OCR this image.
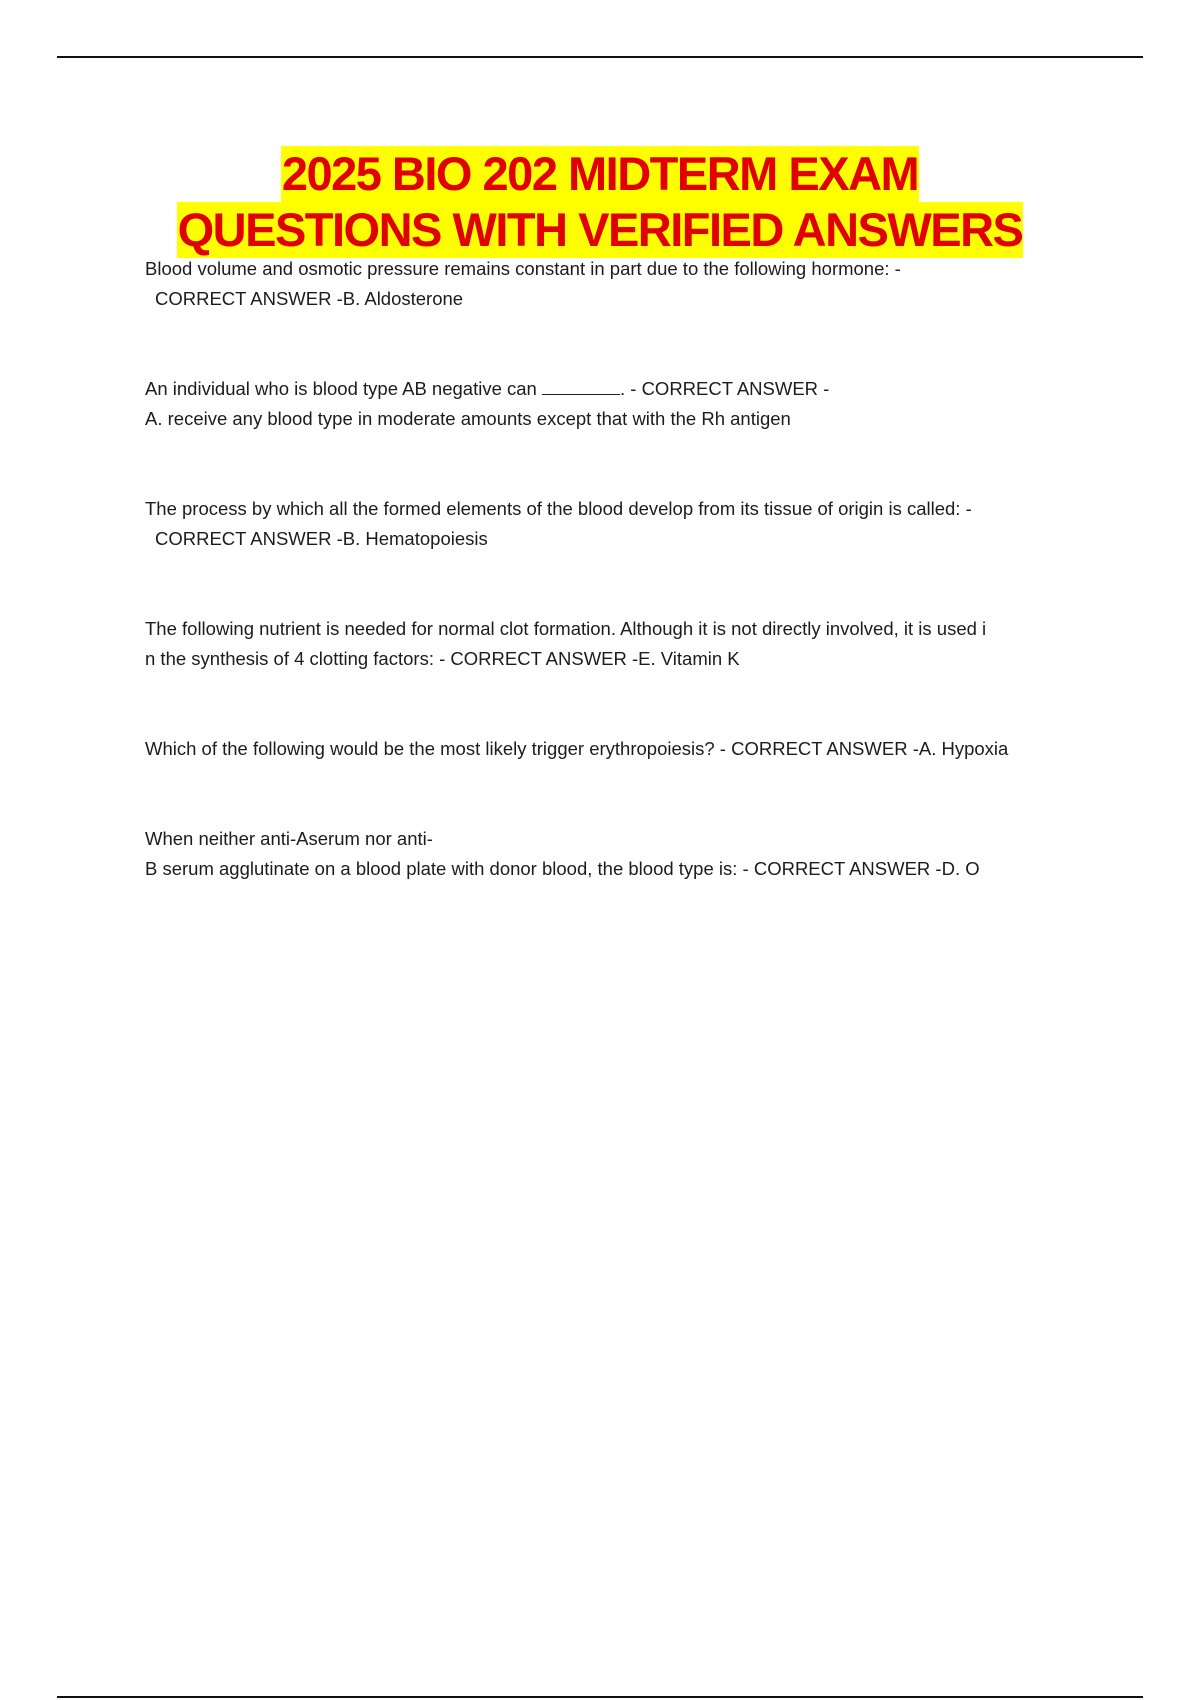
2025 BIO 202 MIDTERM EXAM
QUESTIONS WITH VERIFIED ANSWERS
Blood volume and osmotic pressure remains constant in part due to the following hormone: -
CORRECT ANSWER -B. Aldosterone
An individual who is blood type AB negative can	. - CORRECT ANSWER -
A. receive any blood type in moderate amounts except that with the Rh antigen
The process by which all the formed elements of the blood develop from its tissue of origin is called: -
CORRECT ANSWER -B. Hematopoiesis
The following nutrient is needed for normal clot formation. Although it is not directly involved, it is used i
n the synthesis of 4 clotting factors: - CORRECT ANSWER -E. Vitamin K
Which of the following would be the most likely trigger erythropoiesis? - CORRECT ANSWER -A. Hypoxia
When neither anti-Aserum nor anti-
B serum agglutinate on a blood plate with donor blood, the blood type is: - CORRECT ANSWER -D. O
